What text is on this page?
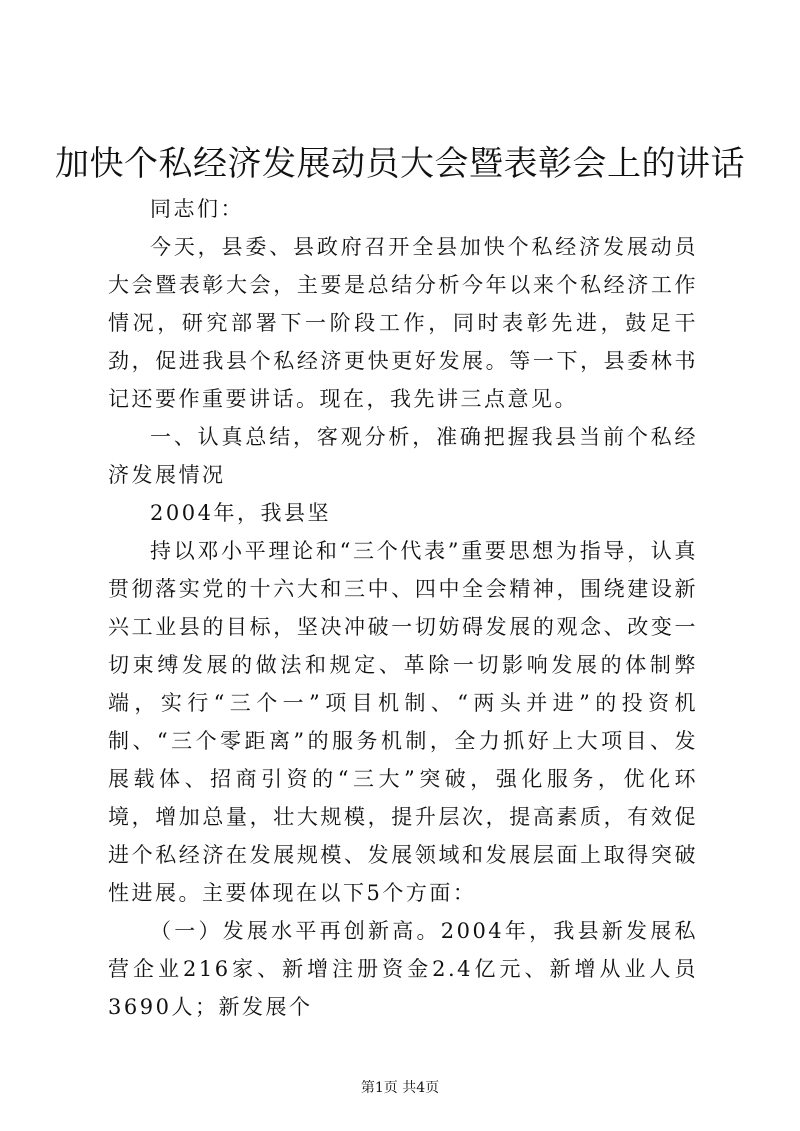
加快个私经济发展动员大会暨表彰会上的讲话

同志们：

今天，县委、县政府召开全县加快个私经济发展动员大会暨表彰大会，主要是总结分析今年以来个私经济工作情况，研究部署下一阶段工作，同时表彰先进，鼓足干劲，促进我县个私经济更快更好发展。等一下，县委林书记还要作重要讲话。现在，我先讲三点意见。

一、认真总结，客观分析，准确把握我县当前个私经济发展情况

2004年，我县坚

持以邓小平理论和“三个代表”重要思想为指导，认真贯彻落实党的十六大和三中、四中全会精神，围绕建设新兴工业县的目标，坚决冲破一切妨碍发展的观念、改变一切束缚发展的做法和规定、革除一切影响发展的体制弊端，实行“三个一”项目机制、“两头并进”的投资机制、“三个零距离”的服务机制，全力抓好上大项目、发展载体、招商引资的“三大”突破，强化服务，优化环境，增加总量，壮大规模，提升层次，提高素质，有效促进个私经济在发展规模、发展领域和发展层面上取得突破性进展。主要体现在以下5个方面：

（一）发展水平再创新高。2004年，我县新发展私营企业216家、新增注册资金2.4亿元、新增从业人员3690人；新发展个

第1页 共4页
